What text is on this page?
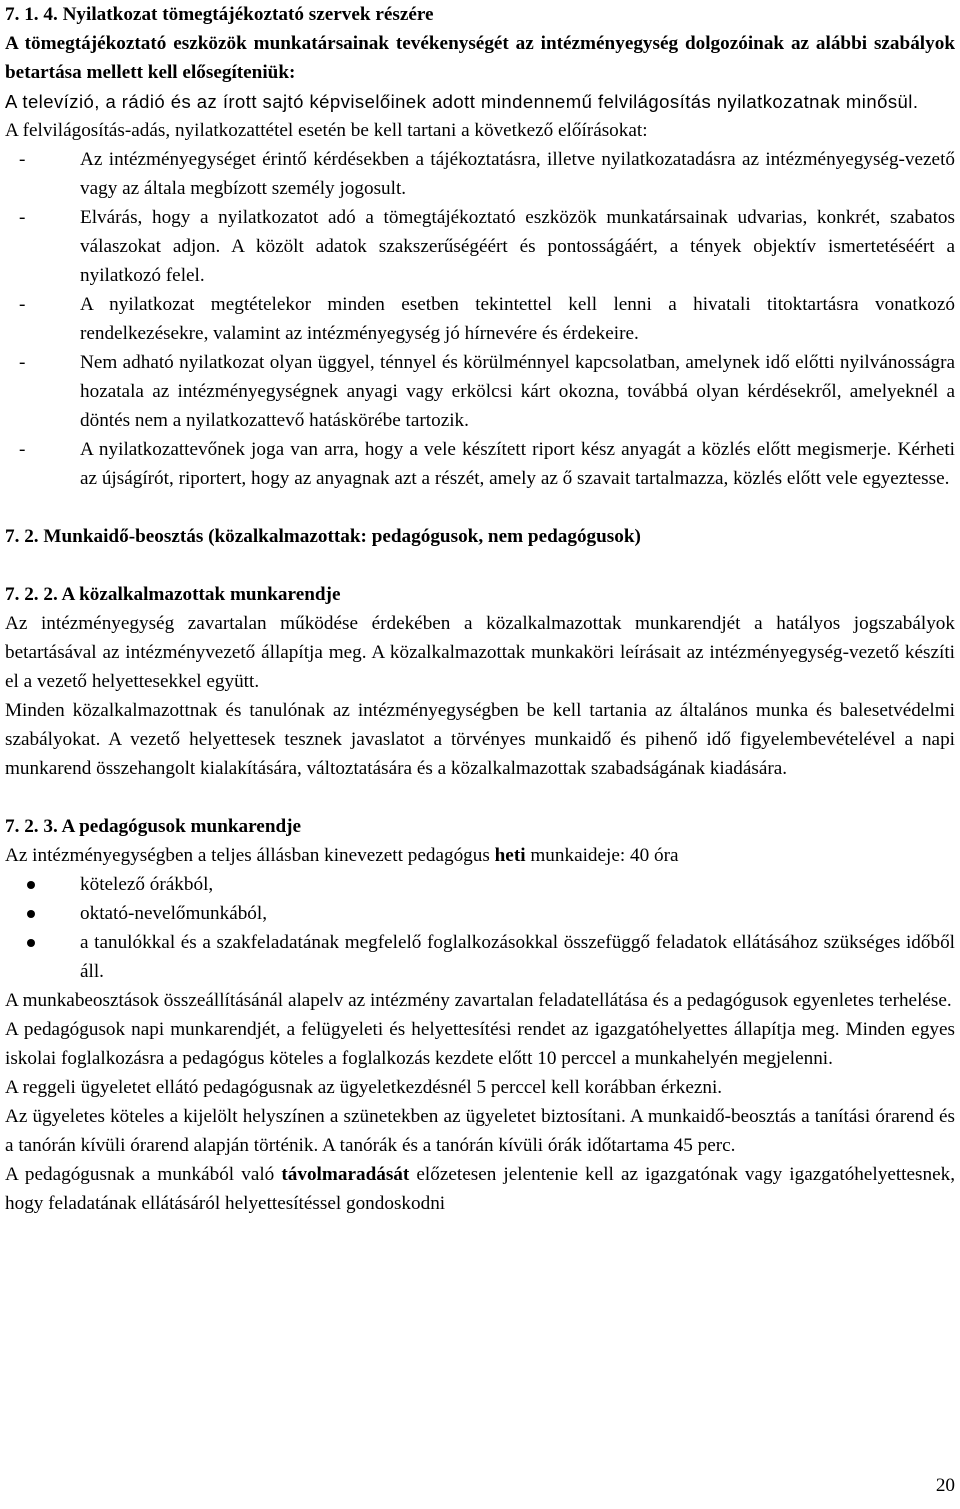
7. 1. 4. Nyilatkozat tömegtájékoztató szervek részére

A tömegtájékoztató eszközök munkatársainak tevékenységét az intézményegység dolgozóinak az alábbi szabályok betartása mellett kell elősegíteniük:

A televízió, a rádió és az írott sajtó képviselőinek adott mindennemű felvilágosítás nyilatkozatnak minősül.

A felvilágosítás-adás, nyilatkozattétel esetén be kell tartani a következő előírásokat:

-	Az intézményegységet érintő kérdésekben a tájékoztatásra, illetve nyilatkozatadásra az intézményegység-vezető vagy az általa megbízott személy jogosult.
-	Elvárás, hogy a nyilatkozatot adó a tömegtájékoztató eszközök munkatársainak udvarias, konkrét, szabatos válaszokat adjon. A közölt adatok szakszerűségéért és pontosságáért, a tények objektív ismertetéséért a nyilatkozó felel.
-	A nyilatkozat megtételekor minden esetben tekintettel kell lenni a hivatali titoktartásra vonatkozó rendelkezésekre, valamint az intézményegység jó hírnevére és érdekeire.
-	Nem adható nyilatkozat olyan üggyel, ténnyel és körülménnyel kapcsolatban, amelynek idő előtti nyilvánosságra hozatala az intézményegységnek anyagi vagy erkölcsi kárt okozna, továbbá olyan kérdésekről, amelyeknél a döntés nem a nyilatkozattevő hatáskörébe tartozik.
-	A nyilatkozattevőnek joga van arra, hogy a vele készített riport kész anyagát a közlés előtt megismerje. Kérheti az újságírót, riportert, hogy az anyagnak azt a részét, amely az ő szavait tartalmazza, közlés előtt vele egyeztesse.

7. 2. Munkaidő-beosztás (közalkalmazottak: pedagógusok, nem pedagógusok)

7. 2. 2. A közalkalmazottak munkarendje

Az intézményegység zavartalan működése érdekében a közalkalmazottak munkarendjét a hatályos jogszabályok betartásával az intézményvezető állapítja meg. A közalkalmazottak munkaköri leírásait az intézményegység-vezető készíti el a vezető helyettesekkel együtt.

Minden közalkalmazottnak és tanulónak az intézményegységben be kell tartania az általános munka és balesetvédelmi szabályokat. A vezető helyettesek tesznek javaslatot a törvényes munkaidő és pihenő idő figyelembevételével a napi munkarend összehangolt kialakítására, változtatására és a közalkalmazottak szabadságának kiadására.

7. 2. 3. A pedagógusok munkarendje

Az intézményegységben a teljes állásban kinevezett pedagógus heti munkaideje: 40 óra

kötelező órákból,
oktató-nevelőmunkából,
a tanulókkal és a szakfeladatának megfelelő foglalkozásokkal összefüggő feladatok ellátásához szükséges időből áll.

A munkabeosztások összeállításánál alapelv az intézmény zavartalan feladatellátása és a pedagógusok egyenletes terhelése.

A pedagógusok napi munkarendjét, a felügyeleti és helyettesítési rendet az igazgatóhelyettes állapítja meg. Minden egyes iskolai foglalkozásra a pedagógus köteles a foglalkozás kezdete előtt 10 perccel a munkahelyén megjelenni.

A reggeli ügyeletet ellátó pedagógusnak az ügyeletkezdésnél 5 perccel kell korábban érkezni.

Az ügyeletes köteles a kijelölt helyszínen a szünetekben az ügyeletet biztosítani. A munkaidő-beosztás a tanítási órarend és a tanórán kívüli órarend alapján történik. A tanórák és a tanórán kívüli órák időtartama 45 perc.

A pedagógusnak a munkából való távolmaradását előzetesen jelentenie kell az igazgatónak vagy igazgatóhelyettesnek, hogy feladatának ellátásáról helyettesítéssel gondoskodni

20
